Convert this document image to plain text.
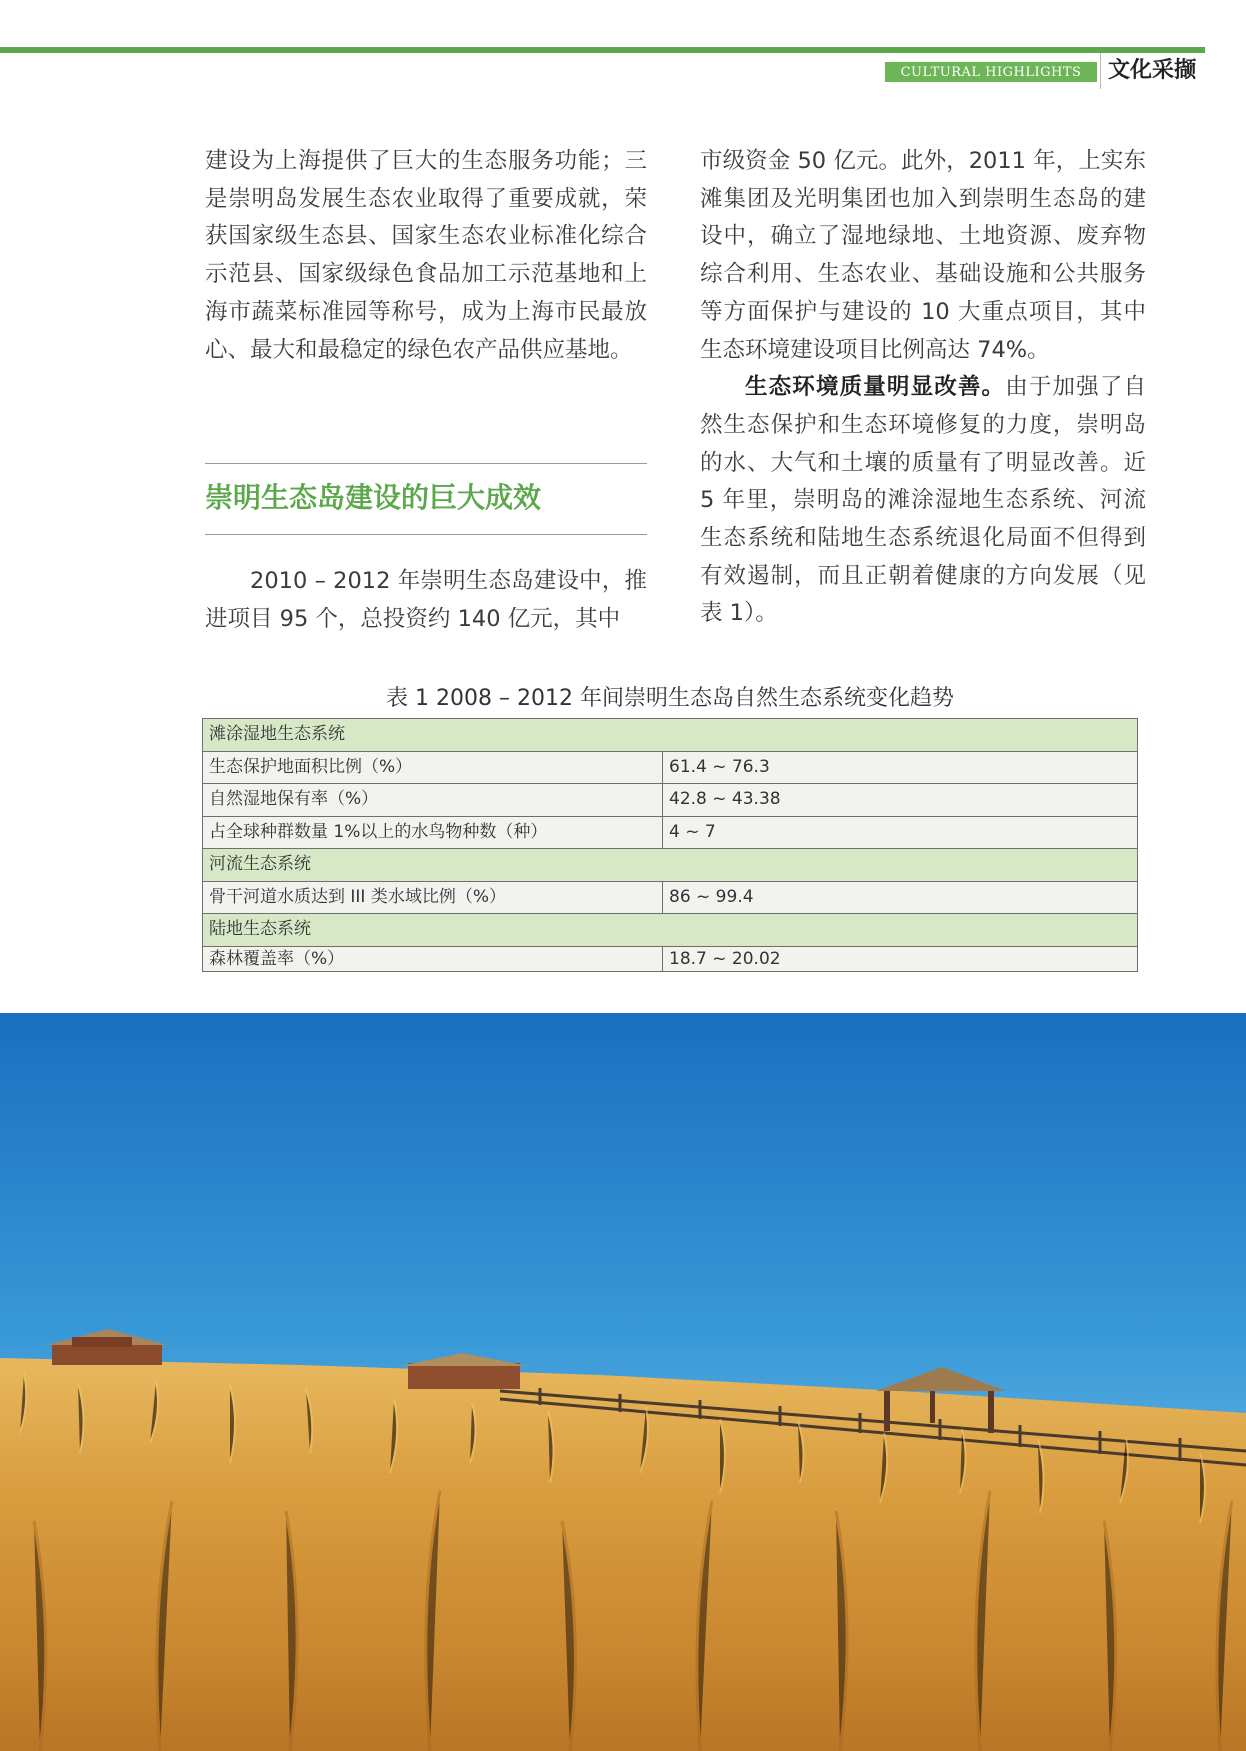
CULTURAL HIGHLIGHTS	文化采撷

建设为上海提供了巨大的生态服务功能；三是崇明岛发展生态农业取得了重要成就，荣获国家级生态县、国家生态农业标准化综合示范县、国家级绿色食品加工示范基地和上海市蔬菜标准园等称号，成为上海市民最放心、最大和最稳定的绿色农产品供应基地。

崇明生态岛建设的巨大成效

2010 – 2012 年崇明生态岛建设中，推进项目 95 个，总投资约 140 亿元，其中

市级资金 50 亿元。此外，2011 年，上实东滩集团及光明集团也加入到崇明生态岛的建设中，确立了湿地绿地、土地资源、废弃物综合利用、生态农业、基础设施和公共服务等方面保护与建设的 10 大重点项目，其中生态环境建设项目比例高达 74%。

生态环境质量明显改善。由于加强了自然生态保护和生态环境修复的力度，崇明岛的水、大气和土壤的质量有了明显改善。近 5 年里，崇明岛的滩涂湿地生态系统、河流生态系统和陆地生态系统退化局面不但得到有效遏制，而且正朝着健康的方向发展（见表 1）。

表 1 2008 – 2012 年间崇明生态岛自然生态系统变化趋势
滩涂湿地生态系统	
生态保护地面积比例（%）	61.4 ~ 76.3
自然湿地保有率（%）	42.8 ~ 43.38
占全球种群数量 1%以上的水鸟物种数（种）	4 ~ 7
河流生态系统	
骨干河道水质达到 III 类水域比例（%）	86 ~ 99.4
陆地生态系统	
森林覆盖率（%）	18.7 ~ 20.02
